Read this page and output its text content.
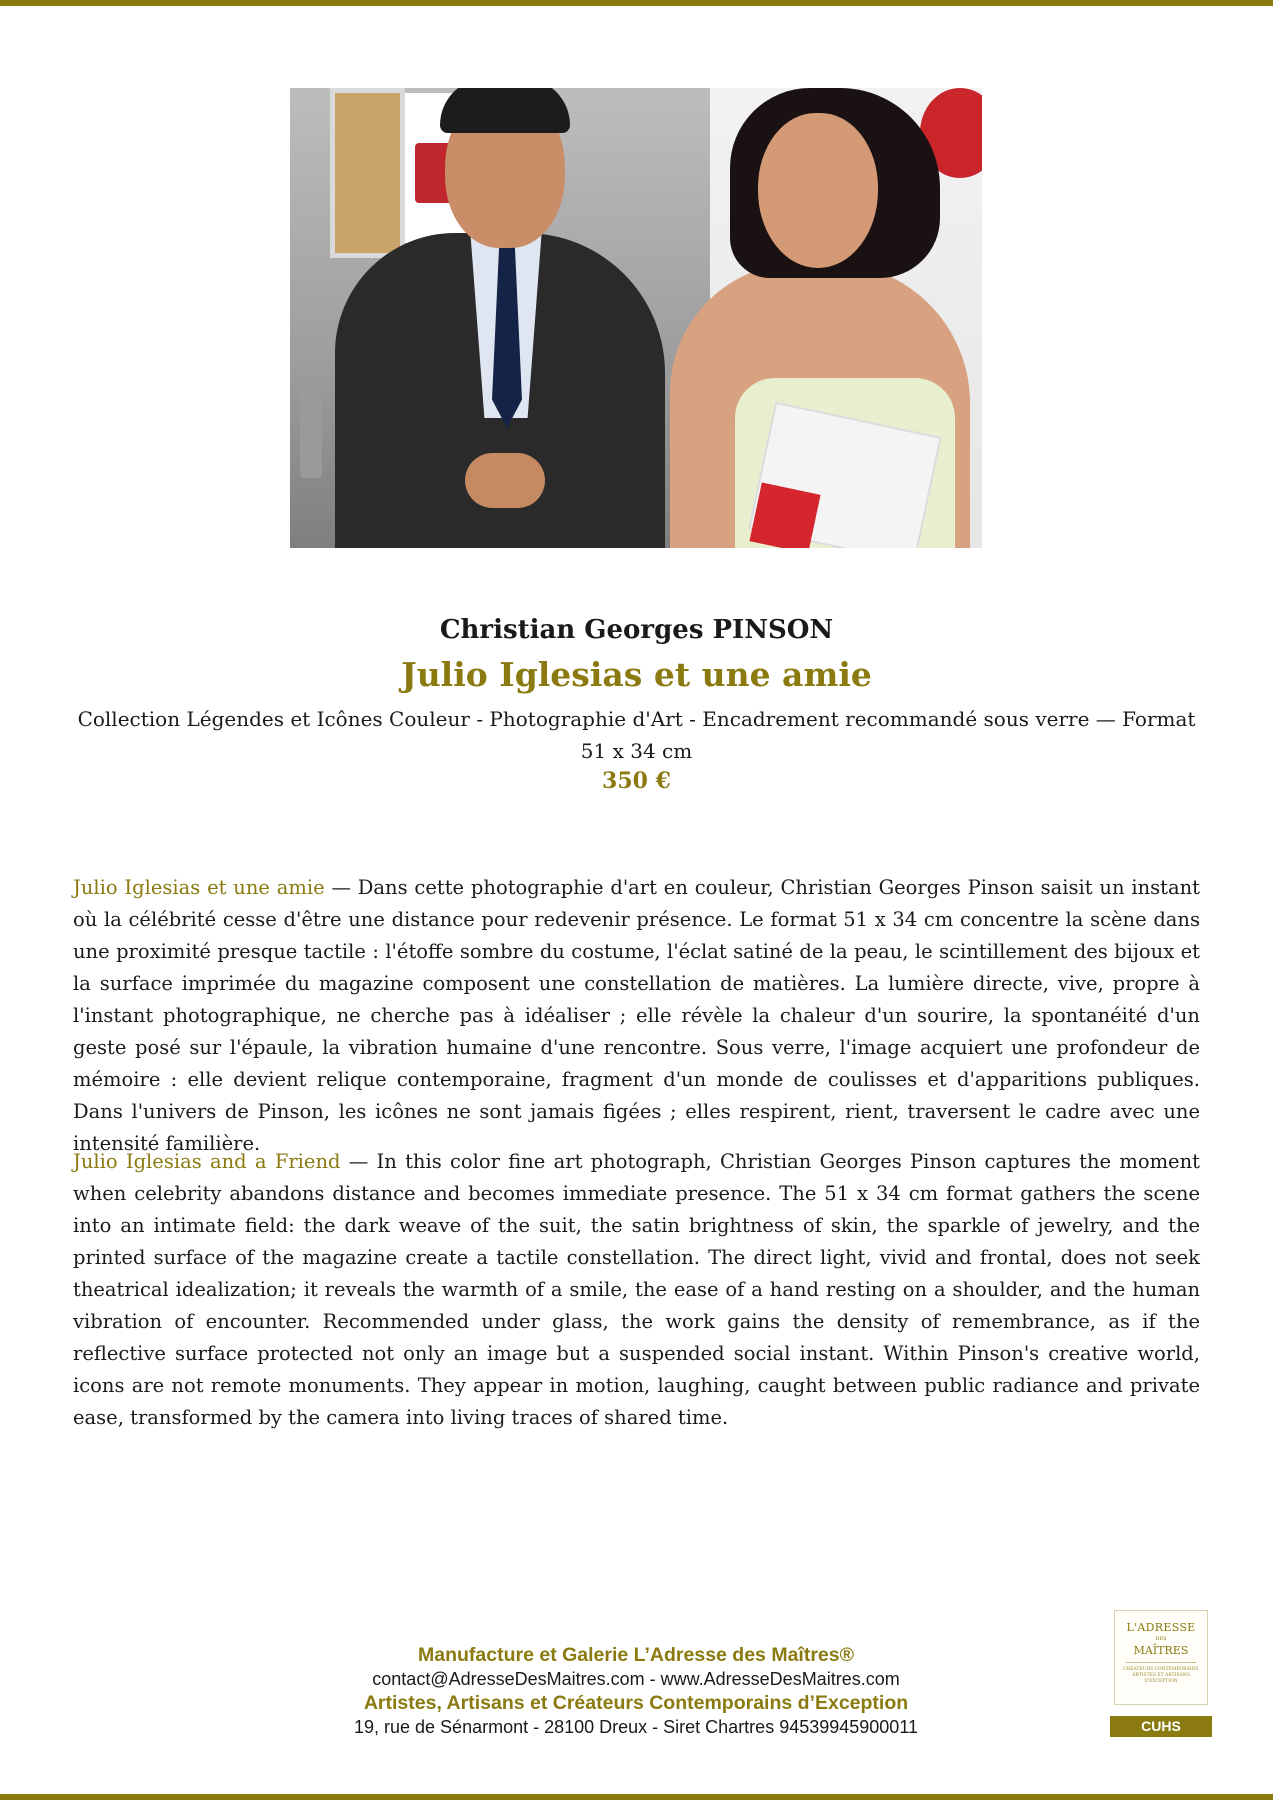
Christian Georges PINSON
Julio Iglesias et une amie
Collection Légendes et Icônes Couleur - Photographie d'Art - Encadrement recommandé sous verre — Format 51 x 34 cm
350 €

Julio Iglesias et une amie — Dans cette photographie d'art en couleur, Christian Georges Pinson saisit un instant où la célébrité cesse d'être une distance pour redevenir présence. Le format 51 x 34 cm concentre la scène dans une proximité presque tactile : l'étoffe sombre du costume, l'éclat satiné de la peau, le scintillement des bijoux et la surface imprimée du magazine composent une constellation de matières. La lumière directe, vive, propre à l'instant photographique, ne cherche pas à idéaliser ; elle révèle la chaleur d'un sourire, la spontanéité d'un geste posé sur l'épaule, la vibration humaine d'une rencontre. Sous verre, l'image acquiert une profondeur de mémoire : elle devient relique contemporaine, fragment d'un monde de coulisses et d'apparitions publiques. Dans l'univers de Pinson, les icônes ne sont jamais figées ; elles respirent, rient, traversent le cadre avec une intensité familière.

Julio Iglesias and a Friend — In this color fine art photograph, Christian Georges Pinson captures the moment when celebrity abandons distance and becomes immediate presence. The 51 x 34 cm format gathers the scene into an intimate field: the dark weave of the suit, the satin brightness of skin, the sparkle of jewelry, and the printed surface of the magazine create a tactile constellation. The direct light, vivid and frontal, does not seek theatrical idealization; it reveals the warmth of a smile, the ease of a hand resting on a shoulder, and the human vibration of encounter. Recommended under glass, the work gains the density of remembrance, as if the reflective surface protected not only an image but a suspended social instant. Within Pinson's creative world, icons are not remote monuments. They appear in motion, laughing, caught between public radiance and private ease, transformed by the camera into living traces of shared time.

Manufacture et Galerie L’Adresse des Maîtres®
contact@AdresseDesMaitres.com - www.AdresseDesMaitres.com
Artistes, Artisans et Créateurs Contemporains d’Exception
19, rue de Sénarmont - 28100 Dreux - Siret Chartres 94539945900011
L'ADRESSE
DES
MAÎTRES
CRÉATEURS CONTEMPORAINS ARTISTES ET ARTISANS D'EXCEPTION
CUHS
